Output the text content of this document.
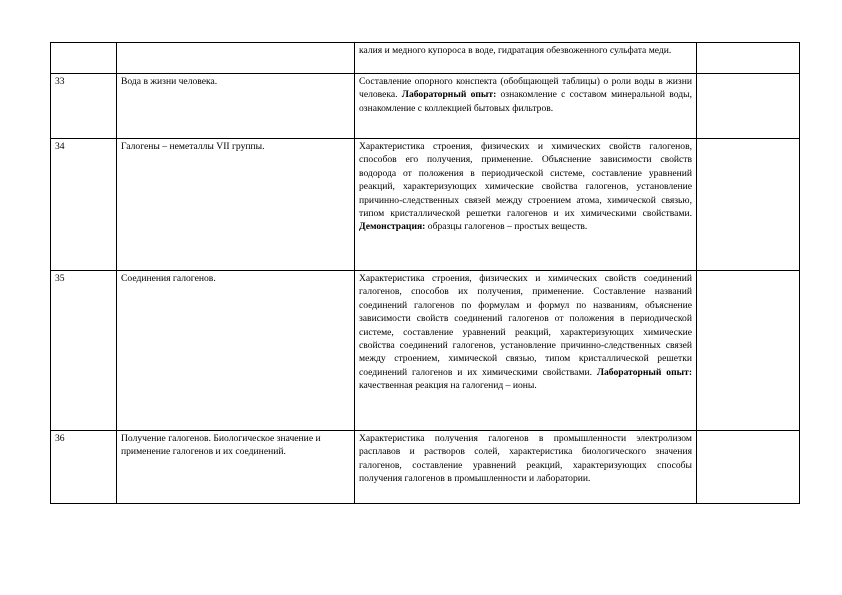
		калия и медного купороса в воде, гидратация обезвоженного сульфата меди.	
33	Вода в жизни человека.	Составление опорного конспекта (обобщающей таблицы) о роли воды в жизни человека. Лабораторный опыт: ознакомление с составом минеральной воды, ознакомление с коллекцией бытовых фильтров.	
34	Галогены – неметаллы VII группы.	Характеристика строения, физических и химических свойств галогенов, способов его получения, применение. Объяснение зависимости свойств водорода от положения в периодической системе, составление уравнений реакций, характеризующих химические свойства галогенов, установление причинно-следственных связей между строением атома, химической связью, типом кристаллической решетки галогенов и их химическими свойствами. Демонстрация: образцы галогенов – простых веществ.	
35	Соединения галогенов.	Характеристика строения, физических и химических свойств соединений галогенов, способов их получения, применение. Составление названий соединений галогенов по формулам и формул по названиям, объяснение зависимости свойств соединений галогенов от положения в периодической системе, составление уравнений реакций, характеризующих химические свойства соединений галогенов, установление причинно-следственных связей между строением, химической связью, типом кристаллической решетки соединений галогенов и их химическими свойствами. Лабораторный опыт: качественная реакция на галогенид – ионы.	
36	Получение галогенов. Биологическое значение и применение галогенов и их соединений.	Характеристика получения галогенов в промышленности электролизом расплавов и растворов солей, характеристика биологического значения галогенов, составление уравнений реакций, характеризующих способы получения галогенов в промышленности и лаборатории.	
